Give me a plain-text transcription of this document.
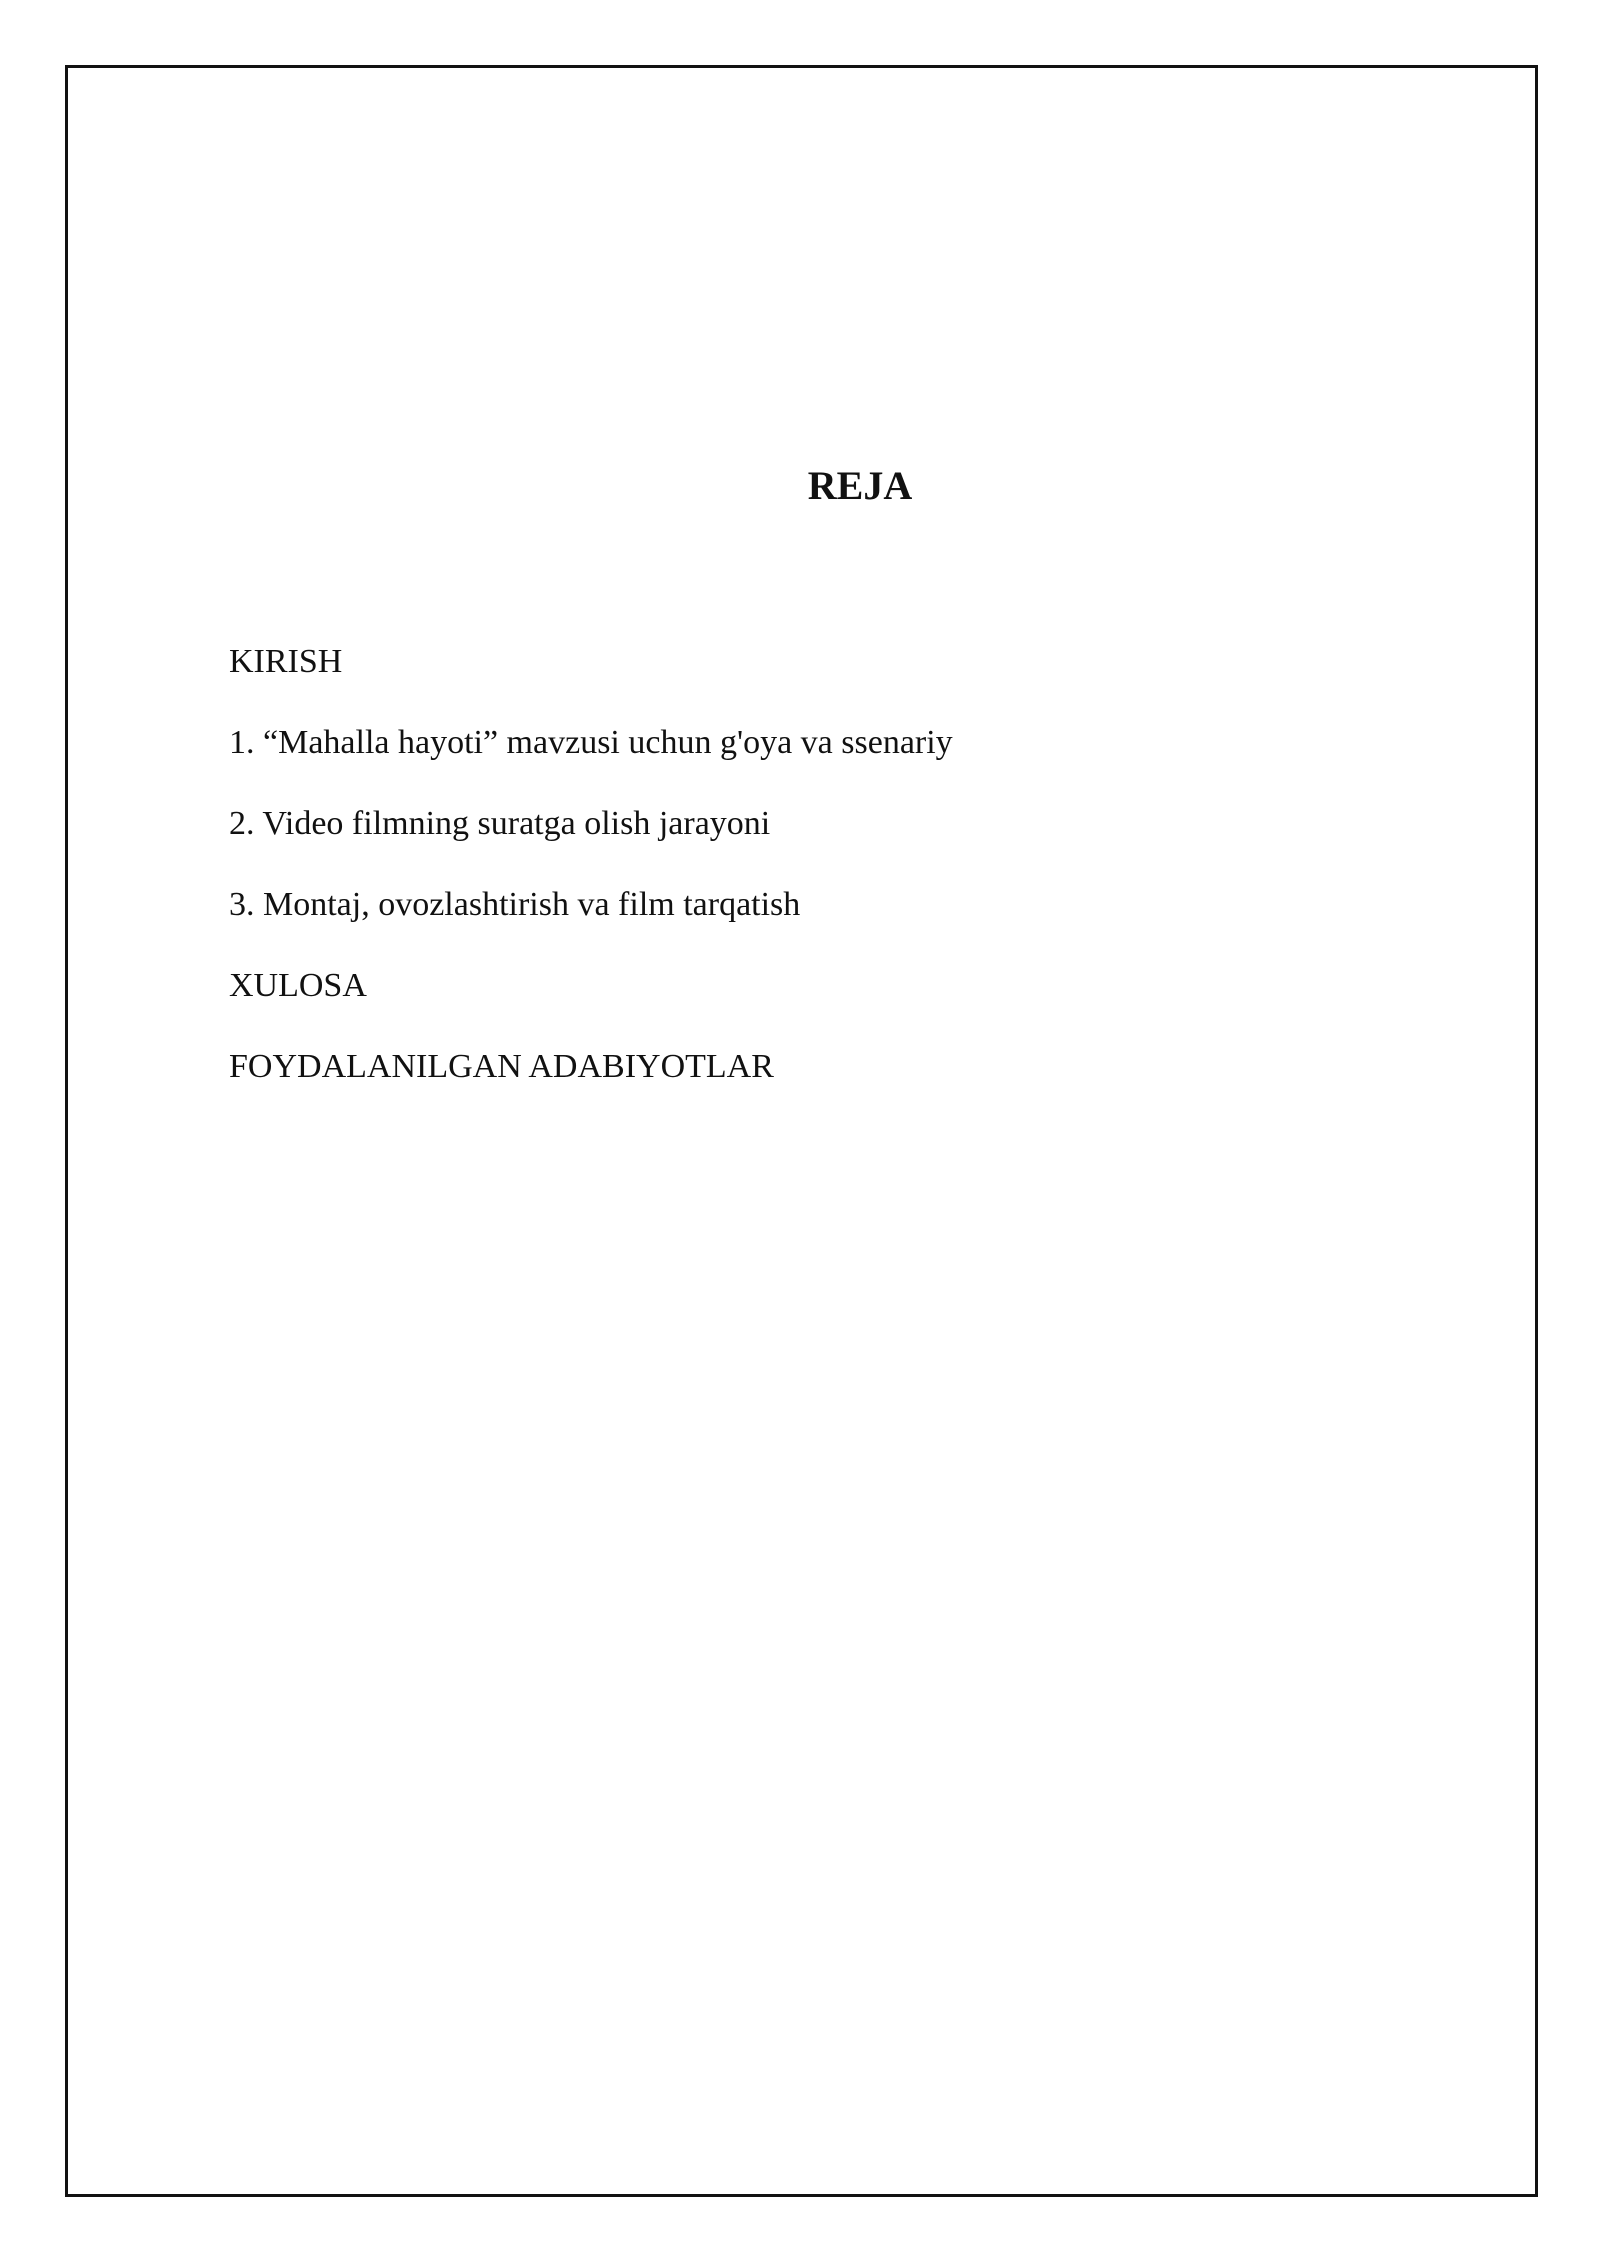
REJA
KIRISH
1. “Mahalla hayoti” mavzusi uchun g'oya va ssenariy
2. Video filmning suratga olish jarayoni
3. Montaj, ovozlashtirish va film tarqatish
XULOSA
FOYDALANILGAN ADABIYOTLAR
